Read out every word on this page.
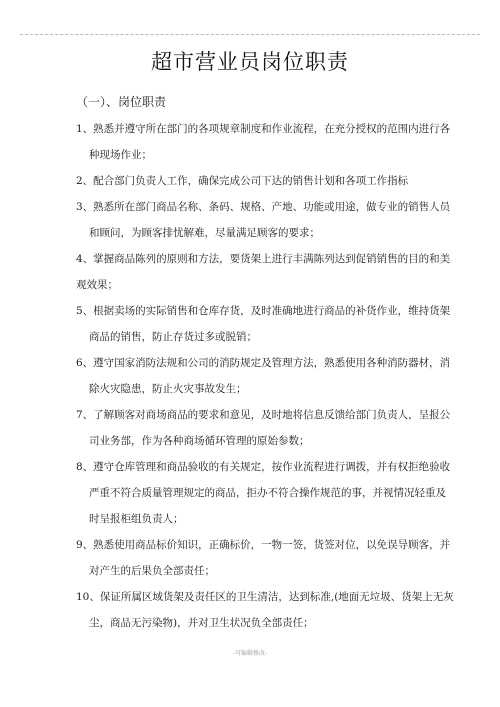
超市营业员岗位职责
（一）、岗位职责
1、熟悉并遵守所在部门的各项规章制度和作业流程，在充分授权的范围内进行各
种现场作业；
2、配合部门负责人工作，确保完成公司下达的销售计划和各项工作指标
3、熟悉所在部门商品名称、条码、规格、产地、功能或用途，做专业的销售人员
和顾问，为顾客排忧解难，尽量满足顾客的要求；
4、掌握商品陈列的原则和方法，要货架上进行丰满陈列达到促销销售的目的和美
观效果；
5、根据卖场的实际销售和仓库存货，及时准确地进行商品的补货作业，维持货架
商品的销售，防止存货过多或脱销；
6、遵守国家消防法规和公司的消防规定及管理方法，熟悉使用各种消防器材，消
除火灾隐患，防止火灾事故发生；
7、了解顾客对商场商品的要求和意见，及时地将信息反馈给部门负责人，呈报公
司业务部，作为各种商场循环管理的原始参数；
8、遵守仓库管理和商品验收的有关规定，按作业流程进行调拨，并有权拒绝验收
严重不符合质量管理规定的商品，拒办不符合操作规范的事，并视情况轻重及
时呈报柜组负责人；
9、熟悉使用商品标价知识，正确标价，一物一签，货签对位，以免误导顾客，并
对产生的后果负全部责任；
10、保证所属区域货架及责任区的卫生清洁，达到标准,(地面无垃圾、货架上无灰
尘，商品无污染物)，并对卫生状况负全部责任；
-可编辑修改-
